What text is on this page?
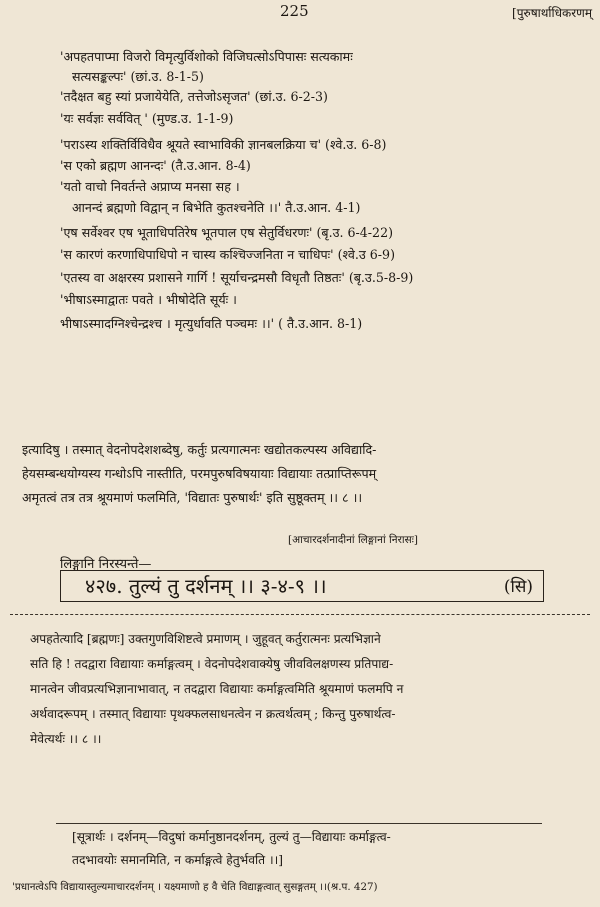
225	[पुरुषार्थाधिकरणम्
'अपहतपाप्मा विजरो विमृत्युर्विशोको विजिघत्सोऽपिपासः सत्यकामः
सत्यसङ्कल्पः' (छां.उ. 8-1-5)
'तदैक्षत बहु स्यां प्रजायेयेति, तत्तेजोऽसृजत' (छां.उ. 6-2-3)
'यः सर्वज्ञः सर्ववित् ' (मुण्ड.उ. 1-1-9)
'पराऽस्य शक्तिर्विविधैव श्रूयते स्वाभाविकी ज्ञानबलक्रिया च' (श्वे.उ. 6-8)
'स एको ब्रह्मण आनन्दः' (तै.उ.आन. 8-4)
'यतो वाचो निवर्तन्ते अप्राप्य मनसा सह ।
आनन्दं ब्रह्मणो विद्वान् न बिभेति कुतश्चनेति ।।' तै.उ.आन. 4-1)
'एष सर्वेश्वर एष भूताधिपतिरेष भूतपाल एष सेतुर्विधरणः' (बृ.उ. 6-4-22)
'स कारणं करणाधिपाधिपो न चास्य कश्चिज्जनिता न चाधिपः' (श्वे.उ 6-9)
'एतस्य वा अक्षरस्य प्रशासने गार्गि ! सूर्याचन्द्रमसौ विधृतौ तिष्ठतः' (बृ.उ.5-8-9)
'भीषाऽस्माद्वातः पवते । भीषोदेति सूर्यः ।
भीषाऽस्मादग्निश्चेन्द्रश्च । मृत्युर्धावति पञ्चमः ।।' ( तै.उ.आन. 8-1)
इत्यादिषु । तस्मात् वेदनोपदेशशब्देषु, कर्तुः प्रत्यगात्मनः खद्योतकल्पस्य अविद्यादि-
हेयसम्बन्धयोग्यस्य गन्धोऽपि नास्तीति, परमपुरुषविषयायाः विद्यायाः तत्प्राप्तिरूपम्
अमृतत्वं तत्र तत्र श्रूयमाणं फलमिति, 'विद्यातः पुरुषार्थः' इति सुष्ठूक्तम् ।। ८ ।।
[आचारदर्शनादीनां लिङ्गानां निरासः]
लिङ्गानि निरस्यन्ते—
४२७. तुल्यं तु दर्शनम् ।। ३-४-९ ।।	(सि)
अपहतेत्यादि [ब्रह्मणः] उक्तगुणविशिष्टत्वे प्रमाणम् । जुहूवत् कर्तुरात्मनः प्रत्यभिज्ञाने
सति हि ! तदद्वारा विद्यायाः कर्माङ्गत्वम् । वेदनोपदेशवाक्येषु जीवविलक्षणस्य प्रतिपाद्य-
मानत्वेन जीवप्रत्यभिज्ञानाभावात्, न तदद्वारा विद्यायाः कर्माङ्गत्वमिति श्रूयमाणं फलमपि न
अर्थवादरूपम् । तस्मात् विद्यायाः पृथक्फलसाधनत्वेन न क्रत्वर्थत्वम् ; किन्तु पुरुषार्थत्व-
मेवेत्यर्थः ।। ८ ।।
[सूत्रार्थः । दर्शनम्—विदुषां कर्मानुष्ठानदर्शनम्, तुल्यं तु—विद्यायाः कर्माङ्गत्व-
तदभावयोः समानमिति, न कर्माङ्गत्वे हेतुर्भवति ।।]
'प्रधानत्वेऽपि विद्यायास्तुल्यमाचारदर्शनम् । यक्ष्यमाणो ह वै चेति विद्याङ्गत्वात् सुसङ्गतम् ।।(श्र.प. 427)
